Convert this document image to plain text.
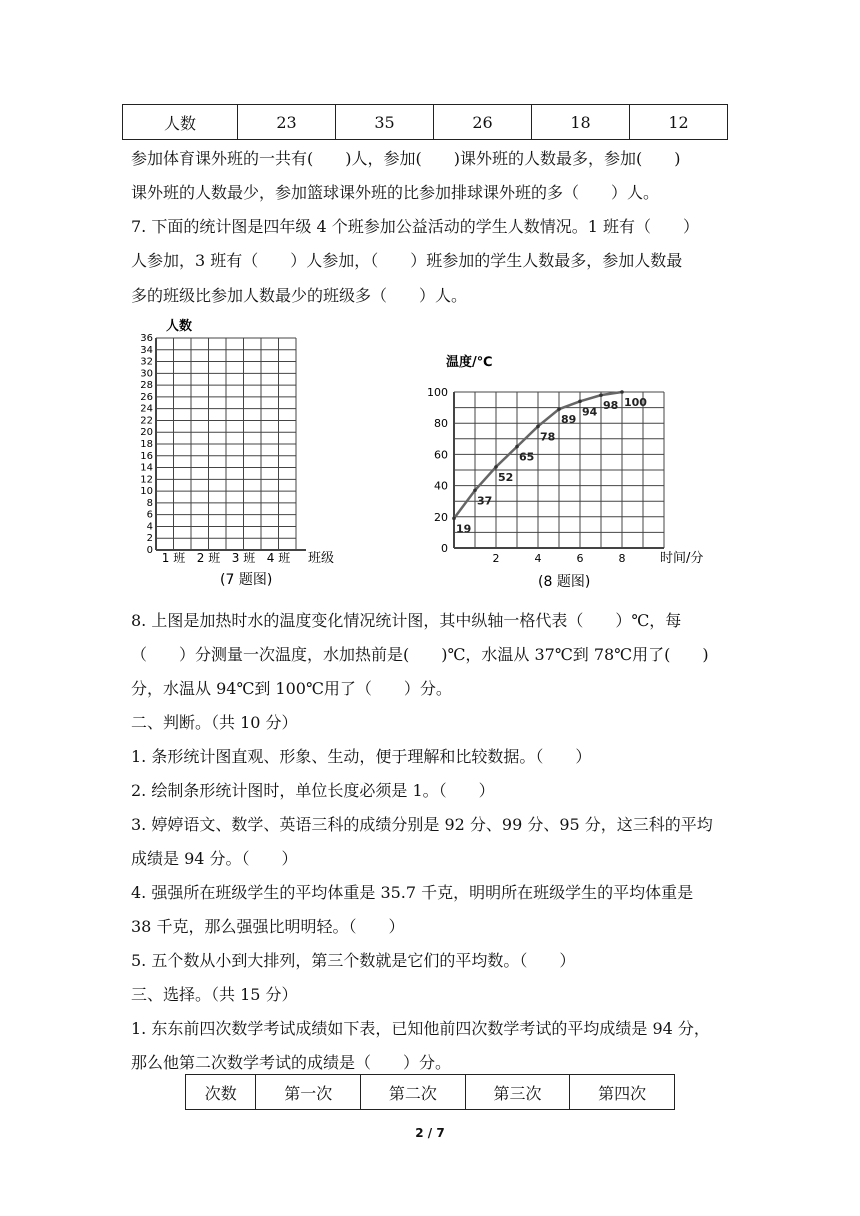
人数	23	35	26	18	12
参加体育课外班的一共有(　　)人，参加(　　)课外班的人数最多，参加(　　)
课外班的人数最少，参加篮球课外班的比参加排球课外班的多（　　）人。
7. 下面的统计图是四年级 4 个班参加公益活动的学生人数情况。1 班有（　　）
人参加，3 班有（　　）人参加，（　　）班参加的学生人数最多，参加人数最
多的班级比参加人数最少的班级多（　　）人。
36
34
32
30
28
26
24
22
20
18
16
14
12
10
8
6
4
2
0
1 班 2 班 3 班 4 班
人数
班级
(7 题图)
100
80
60
40
20
0
2	4	6	8
19
37
52
65
78
89
94 98 100
温度/℃
时间/分
(8 题图)
8. 上图是加热时水的温度变化情况统计图，其中纵轴一格代表（　　）℃，每
（　　）分测量一次温度，水加热前是(　　)℃，水温从 37℃到 78℃用了(　　)
分，水温从 94℃到 100℃用了（　　）分。
二、判断。（共 10 分）
1. 条形统计图直观、形象、生动，便于理解和比较数据。（　　）
2. 绘制条形统计图时，单位长度必须是 1。（　　）
3. 婷婷语文、数学、英语三科的成绩分别是 92 分、99 分、95 分，这三科的平均
成绩是 94 分。（　　）
4. 强强所在班级学生的平均体重是 35.7 千克，明明所在班级学生的平均体重是
38 千克，那么强强比明明轻。（　　）
5. 五个数从小到大排列，第三个数就是它们的平均数。（　　）
三、选择。（共 15 分）
1. 东东前四次数学考试成绩如下表，已知他前四次数学考试的平均成绩是 94 分，
那么他第二次数学考试的成绩是（　　）分。
次数	第一次	第二次	第三次	第四次
2 / 7
